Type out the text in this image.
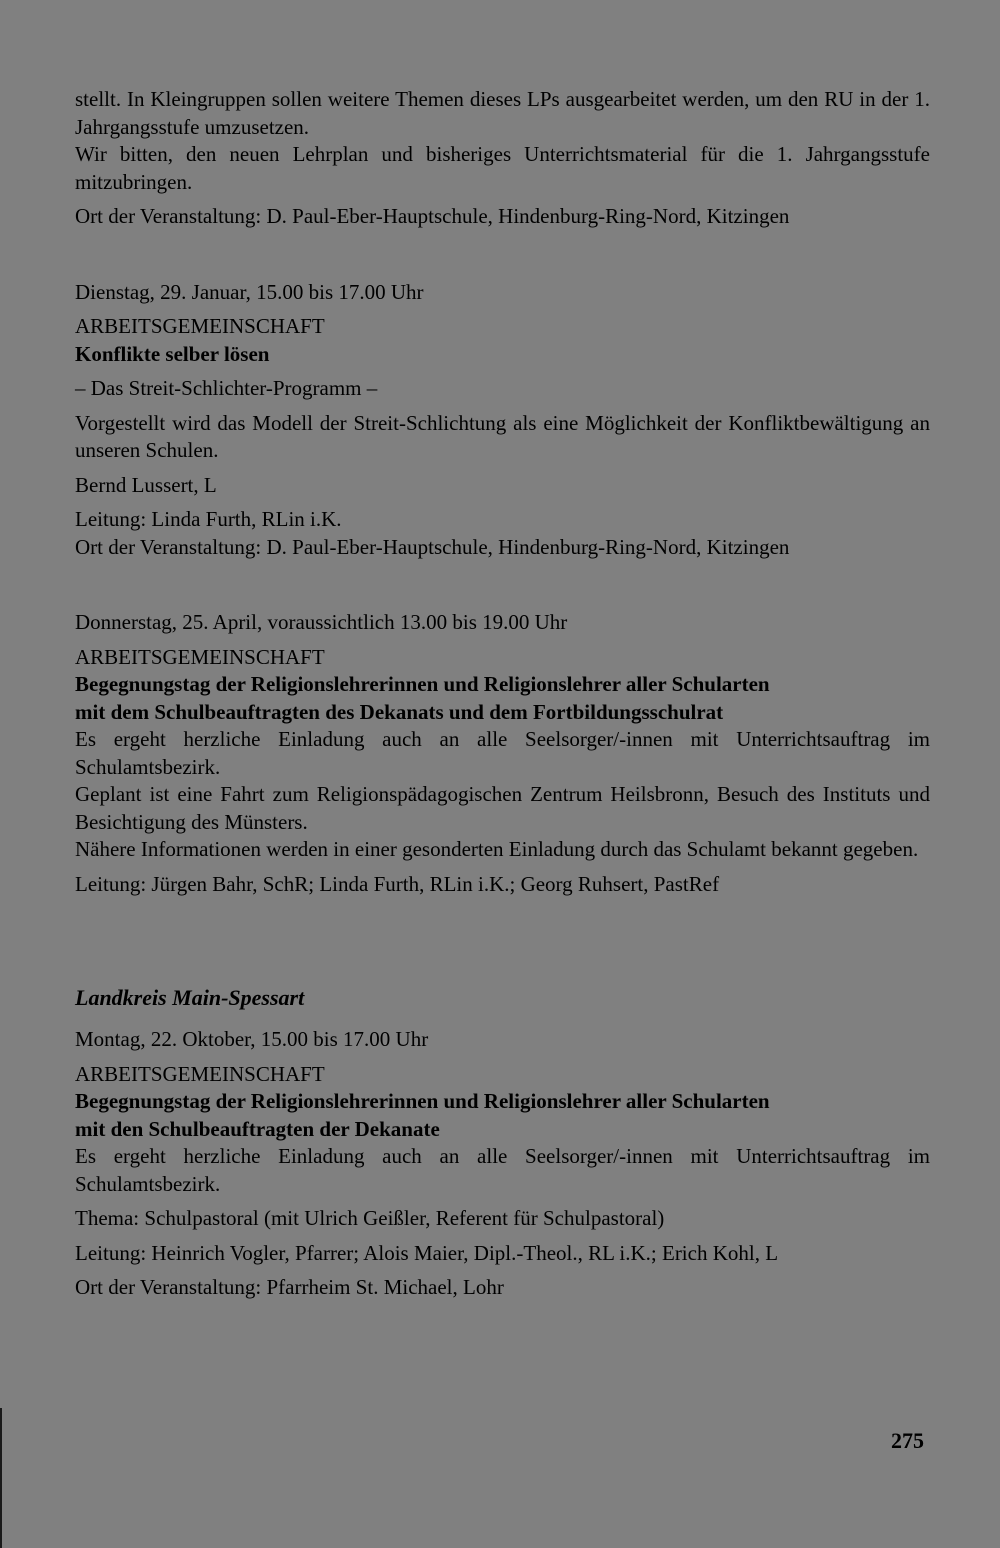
stellt. In Kleingruppen sollen weitere Themen dieses LPs ausgearbeitet werden, um den RU in der 1. Jahrgangsstufe umzusetzen.

Wir bitten, den neuen Lehrplan und bisheriges Unterrichtsmaterial für die 1. Jahrgangsstufe mitzubringen.

Ort der Veranstaltung: D. Paul-Eber-Hauptschule, Hindenburg-Ring-Nord, Kitzingen

Dienstag, 29. Januar, 15.00 bis 17.00 Uhr

ARBEITSGEMEINSCHAFT

Konflikte selber lösen

– Das Streit-Schlichter-Programm –

Vorgestellt wird das Modell der Streit-Schlichtung als eine Möglichkeit der Konfliktbewältigung an unseren Schulen.

Bernd Lussert, L

Leitung: Linda Furth, RLin i.K.

Ort der Veranstaltung: D. Paul-Eber-Hauptschule, Hindenburg-Ring-Nord, Kitzingen

Donnerstag, 25. April, voraussichtlich 13.00 bis 19.00 Uhr

ARBEITSGEMEINSCHAFT

Begegnungstag der Religionslehrerinnen und Religionslehrer aller Schularten
mit dem Schulbeauftragten des Dekanats und dem Fortbildungsschulrat

Es ergeht herzliche Einladung auch an alle Seelsorger/-innen mit Unterrichtsauftrag im Schulamtsbezirk.

Geplant ist eine Fahrt zum Religionspädagogischen Zentrum Heilsbronn, Besuch des Instituts und Besichtigung des Münsters.

Nähere Informationen werden in einer gesonderten Einladung durch das Schulamt bekannt gegeben.

Leitung: Jürgen Bahr, SchR; Linda Furth, RLin i.K.; Georg Ruhsert, PastRef

Landkreis Main-Spessart

Montag, 22. Oktober, 15.00 bis 17.00 Uhr

ARBEITSGEMEINSCHAFT

Begegnungstag der Religionslehrerinnen und Religionslehrer aller Schularten
mit den Schulbeauftragten der Dekanate

Es ergeht herzliche Einladung auch an alle Seelsorger/-innen mit Unterrichtsauftrag im Schulamtsbezirk.

Thema: Schulpastoral (mit Ulrich Geißler, Referent für Schulpastoral)

Leitung: Heinrich Vogler, Pfarrer; Alois Maier, Dipl.-Theol., RL i.K.; Erich Kohl, L

Ort der Veranstaltung: Pfarrheim St. Michael, Lohr

275
